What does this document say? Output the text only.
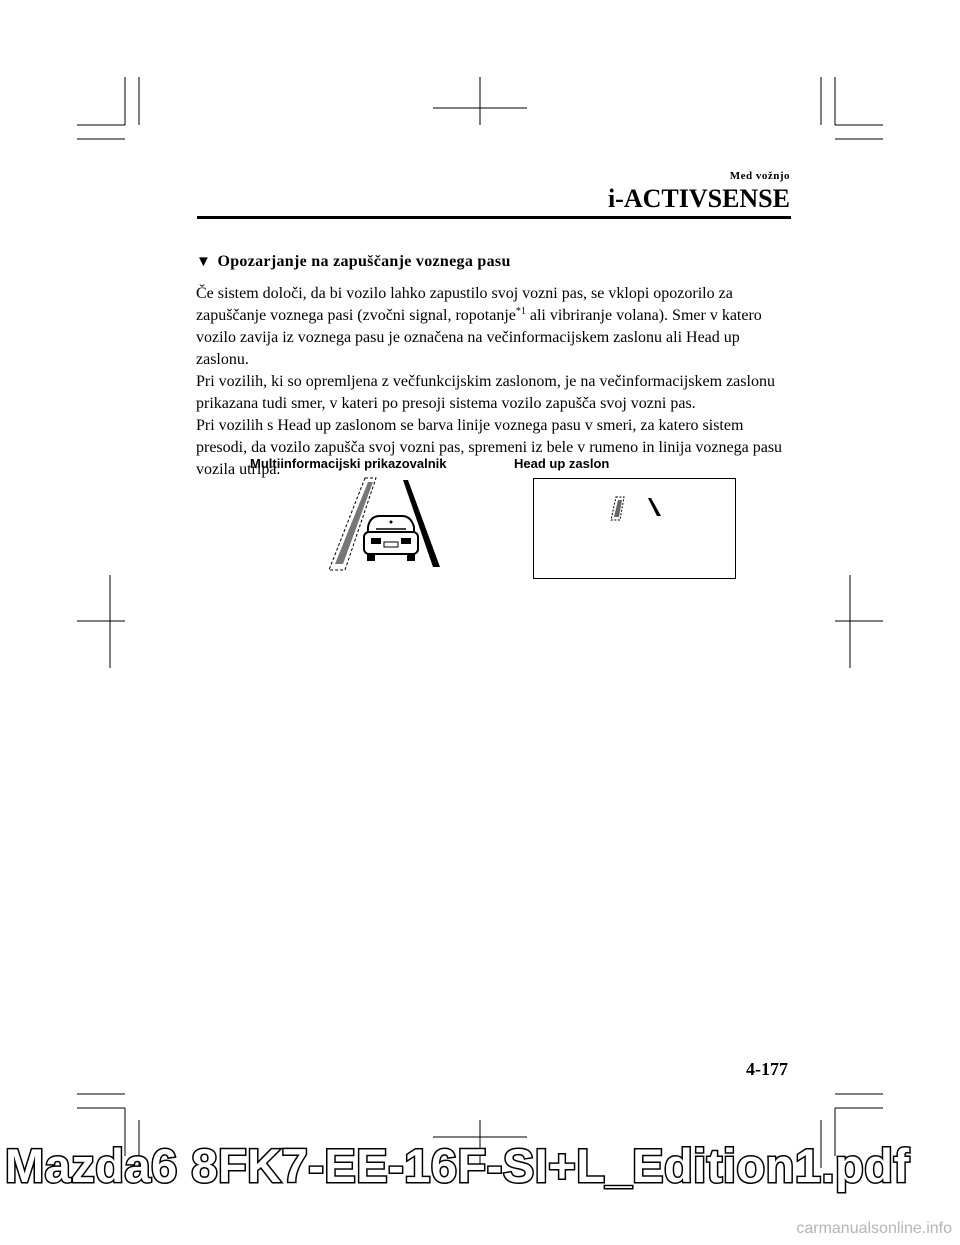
Med vožnjo
i-ACTIVSENSE
▼ Opozarjanje na zapuščanje voznega pasu

Če sistem določi, da bi vozilo lahko zapustilo svoj vozni pas, se vklopi opozorilo za zapuščanje voznega pasi (zvočni signal, ropotanje$^{*1}$ ali vibriranje volana). Smer v katero vozilo zavija iz voznega pasu je označena na večinformacijskem zaslonu ali Head up zaslonu.

Pri vozilih, ki so opremljena z večfunkcijskim zaslonom, je na večinformacijskem zaslonu prikazana tudi smer, v kateri po presoji sistema vozilo zapušča svoj vozni pas.

Pri vozilih s Head up zaslonom se barva linije voznega pasu v smeri, za katero sistem presodi, da vozilo zapušča svoj vozni pas, spremeni iz bele v rumeno in linija voznega pasu vozila utripa.

Multiinformacijski prikazovalnik	Head up zaslon
4-177
Mazda6 8FK7-EE-16F-SI+L_Edition1.pdf
carmanualsonline.info
